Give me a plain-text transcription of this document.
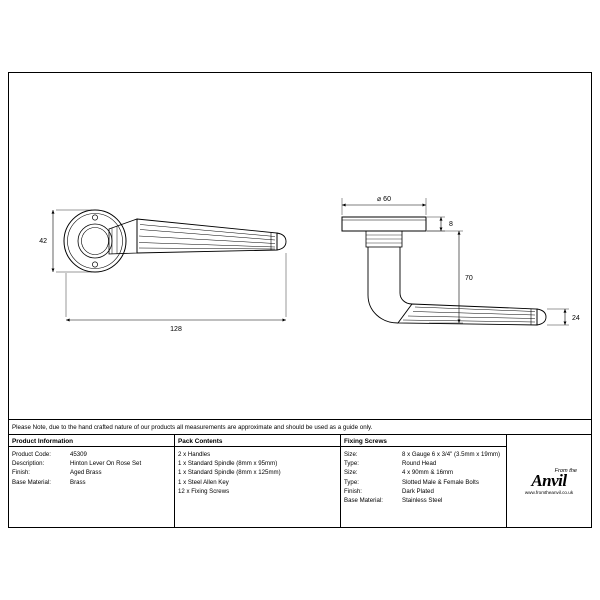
42
128
⌀ 60
8
70
24
Please Note, due to the hand crafted nature of our products all measurements are approximate and should be used as a guide only.
Product Information
Product Code:	45309
Description:	Hinton Lever On Rose Set
Finish:	Aged Brass
Base Material:	Brass
Pack Contents
2 x Handles
1 x Standard Spindle (8mm x 95mm)
1 x Standard Spindle (8mm x 125mm)
1 x Steel Allen Key
12 x Fixing Screws
Fixing Screws
Size:	8 x Gauge 6 x 3/4" (3.5mm x 19mm)
Type:	Round Head
Size:	4 x 90mm & 16mm
Type:	Slotted Male & Female Bolts
Finish:	Dark Plated
Base Material:	Stainless Steel
From the
Anvil
www.fromtheanvil.co.uk
